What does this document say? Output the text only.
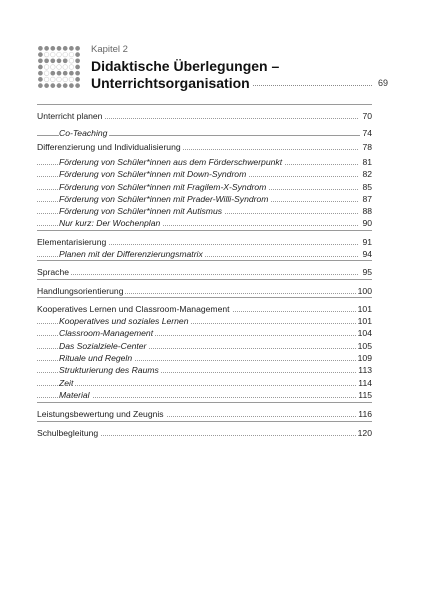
Kapitel 2
Didaktische Überlegungen –
Unterrichtsorganisation	69
Unterricht planen	70
Co-Teaching	74
Differenzierung und Individualisierung	78
Förderung von Schüler*innen aus dem Förderschwerpunkt	81
Förderung von Schüler*innen mit Down-Syndrom	82
Förderung von Schüler*innen mit Fragilem-X-Syndrom	85
Förderung von Schüler*innen mit Prader-Willi-Syndrom	87
Förderung von Schüler*innen mit Autismus	88
Nur kurz: Der Wochenplan	90
Elementarisierung	91
Planen mit der Differenzierungsmatrix	94
Sprache	95
Handlungsorientierung	100
Kooperatives Lernen und Classroom-Management	101
Kooperatives und soziales Lernen	101
Classroom-Management	104
Das Sozialziele-Center	105
Rituale und Regeln	109
Strukturierung des Raums	113
Zeit	114
Material	115
Leistungsbewertung und Zeugnis	116
Schulbegleitung	120
